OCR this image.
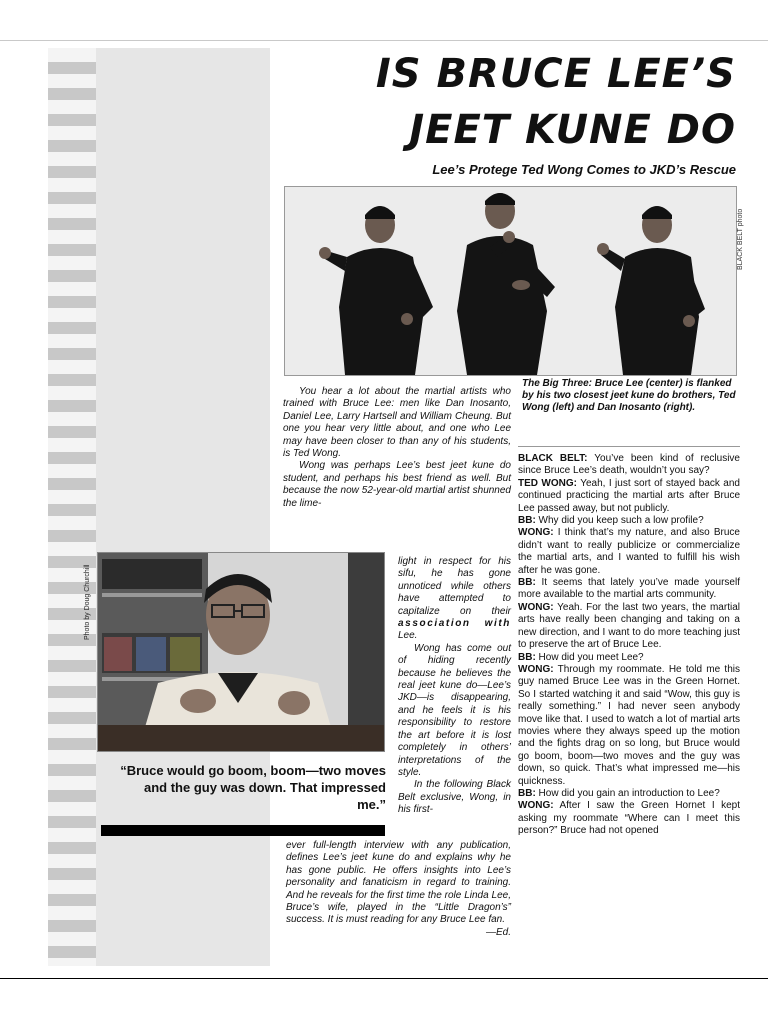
IS BRUCE LEE’S
JEET KUNE DO
Lee’s Protege Ted Wong Comes to JKD’s Rescue
BLACK BELT photo
The Big Three: Bruce Lee (center) is flanked by his two closest jeet kune do brothers, Ted Wong (left) and Dan Inosanto (right).

You hear a lot about the martial artists who trained with Bruce Lee: men like Dan Inosanto, Daniel Lee, Larry Hartsell and William Cheung. But one you hear very little about, and one who Lee may have been closer to than any of his students, is Ted Wong.

Wong was perhaps Lee’s best jeet kune do student, and perhaps his best friend as well. But because the now 52-year-old martial artist shunned the lime-

light in respect for his sifu, he has gone unnoticed while others have attempted to capitalize on their association with Lee.

Wong has come out of hiding recently because he believes the real jeet kune do—Lee’s JKD—is disappearing, and he feels it is his responsibility to restore the art before it is lost completely in others’ interpretations of the style.

In the following Black Belt exclusive, Wong, in his first-

ever full-length interview with any publication, defines Lee’s jeet kune do and explains why he has gone public. He offers insights into Lee’s personality and fanaticism in regard to training. And he reveals for the first time the role Linda Lee, Bruce’s wife, played in the “Little Dragon’s” success. It is must reading for any Bruce Lee fan.

—Ed.

BLACK BELT: You’ve been kind of reclusive since Bruce Lee’s death, wouldn’t you say?

TED WONG: Yeah, I just sort of stayed back and continued practicing the martial arts after Bruce Lee passed away, but not publicly.

BB: Why did you keep such a low profile?

WONG: I think that’s my nature, and also Bruce didn’t want to really publicize or commercialize the martial arts, and I wanted to fulfill his wish after he was gone.

BB: It seems that lately you’ve made yourself more available to the martial arts community.

WONG: Yeah. For the last two years, the martial arts have really been changing and taking on a new direction, and I want to do more teaching just to preserve the art of Bruce Lee.

BB: How did you meet Lee?

WONG: Through my roommate. He told me this guy named Bruce Lee was in the Green Hornet. So I started watching it and said “Wow, this guy is really something.” I had never seen anybody move like that. I used to watch a lot of martial arts movies where they always speed up the motion and the fights drag on so long, but Bruce would go boom, boom—two moves and the guy was down, so quick. That’s what impressed me—his quickness.

BB: How did you gain an introduction to Lee?

WONG: After I saw the Green Hornet I kept asking my roommate “Where can I meet this person?” Bruce had not opened

Photo by Doug Churchill
“Bruce would go boom, boom—two moves and the guy was down. That impressed me.”
